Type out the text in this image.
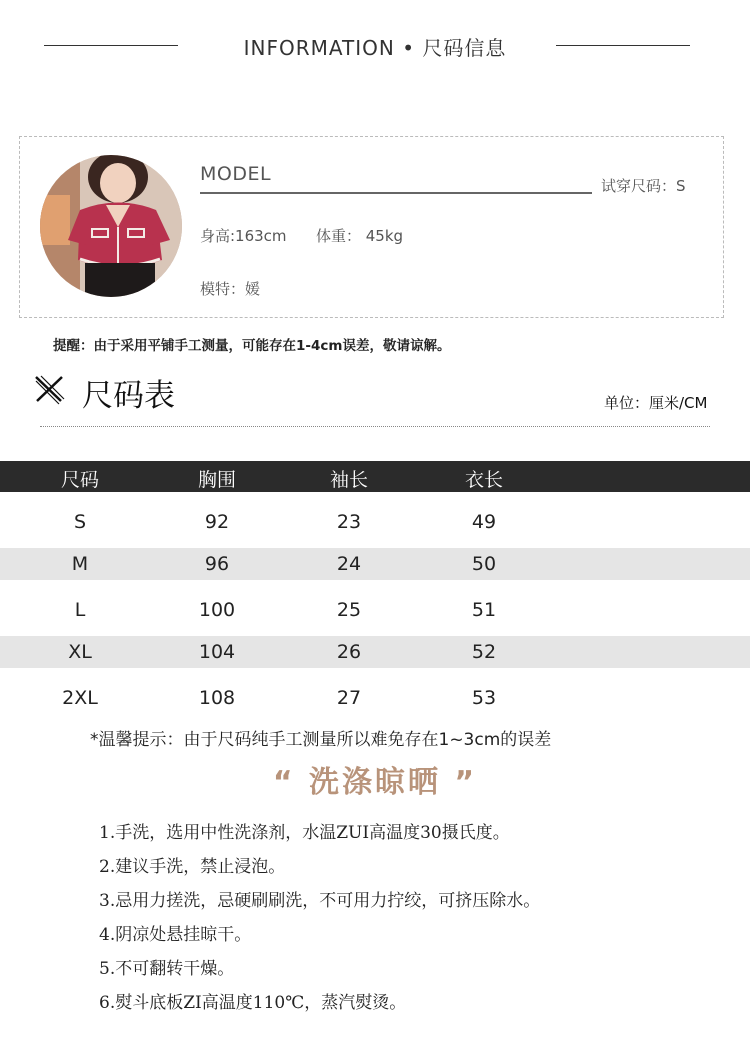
INFORMATION • 尺码信息
MODEL
试穿尺码：S
身高:163cm 体重： 45kg
模特：媛
提醒：由于采用平铺手工测量，可能存在1-4cm误差，敬请谅解。
尺码表	单位：厘米/CM
尺码	胸围	袖长	衣长
S	92	23	49
M	96	24	50
L	100	25	51
XL	104	26	52
2XL	108	27	53
*温馨提示：由于尺码纯手工测量所以难免存在1~3cm的误差
“ 洗涤晾晒 ”
1.手洗，选用中性洗涤剂，水温ZUI高温度30摄氏度。
2.建议手洗，禁止浸泡。
3.忌用力搓洗，忌硬刷刷洗，不可用力拧绞，可挤压除水。
4.阴凉处悬挂晾干。
5.不可翻转干燥。
6.熨斗底板ZI高温度110℃，蒸汽熨烫。
